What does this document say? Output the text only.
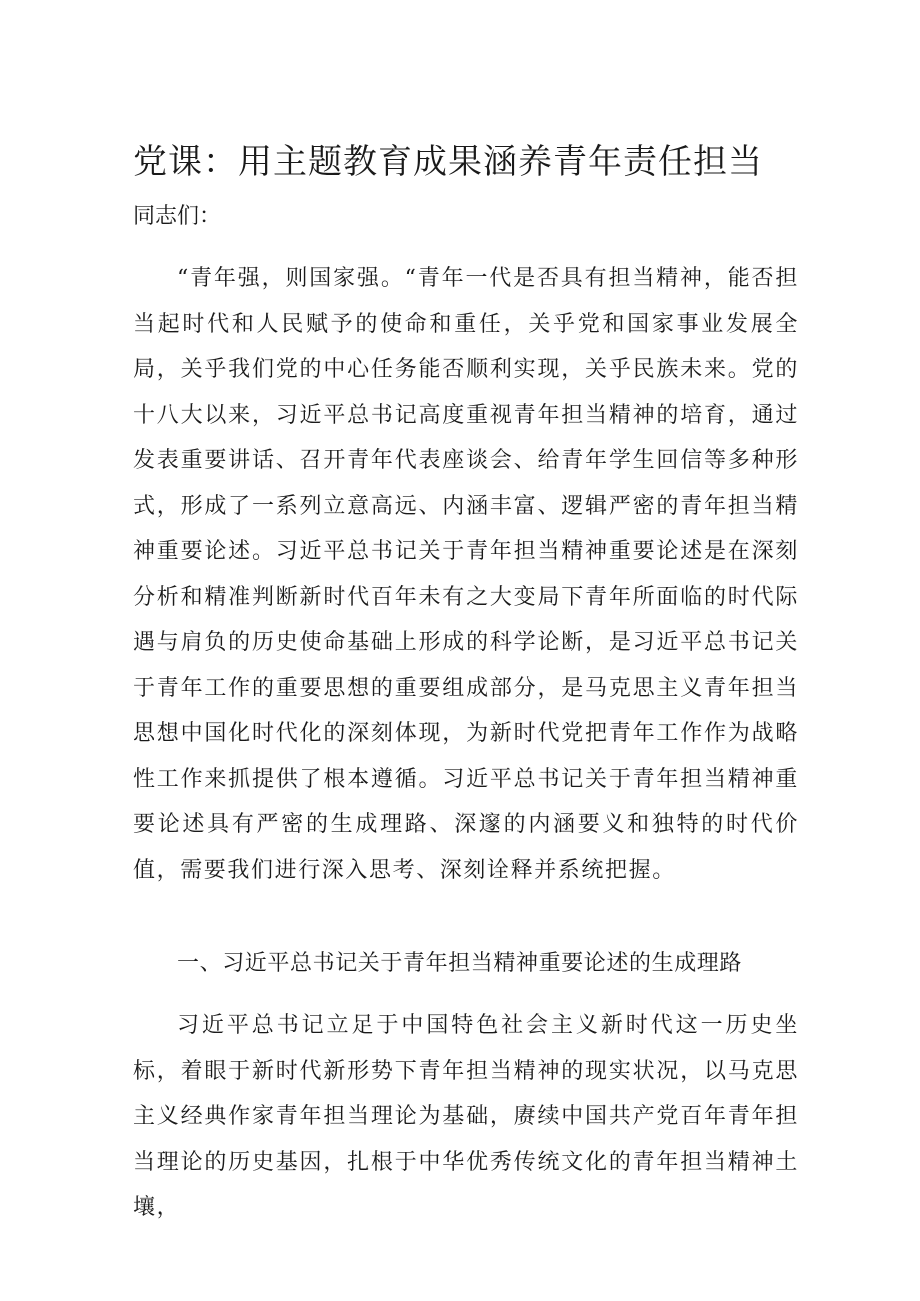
党课：用主题教育成果涵养青年责任担当

同志们：

“青年强，则国家强。“青年一代是否具有担当精神，能否担当起时代和人民赋予的使命和重任，关乎党和国家事业发展全局，关乎我们党的中心任务能否顺利实现，关乎民族未来。党的十八大以来，习近平总书记高度重视青年担当精神的培育，通过发表重要讲话、召开青年代表座谈会、给青年学生回信等多种形式，形成了一系列立意高远、内涵丰富、逻辑严密的青年担当精神重要论述。习近平总书记关于青年担当精神重要论述是在深刻分析和精准判断新时代百年未有之大变局下青年所面临的时代际遇与肩负的历史使命基础上形成的科学论断，是习近平总书记关于青年工作的重要思想的重要组成部分，是马克思主义青年担当思想中国化时代化的深刻体现，为新时代党把青年工作作为战略性工作来抓提供了根本遵循。习近平总书记关于青年担当精神重要论述具有严密的生成理路、深邃的内涵要义和独特的时代价值，需要我们进行深入思考、深刻诠释并系统把握。

一、习近平总书记关于青年担当精神重要论述的生成理路

习近平总书记立足于中国特色社会主义新时代这一历史坐标，着眼于新时代新形势下青年担当精神的现实状况，以马克思主义经典作家青年担当理论为基础，赓续中国共产党百年青年担当理论的历史基因，扎根于中华优秀传统文化的青年担当精神土壤，
